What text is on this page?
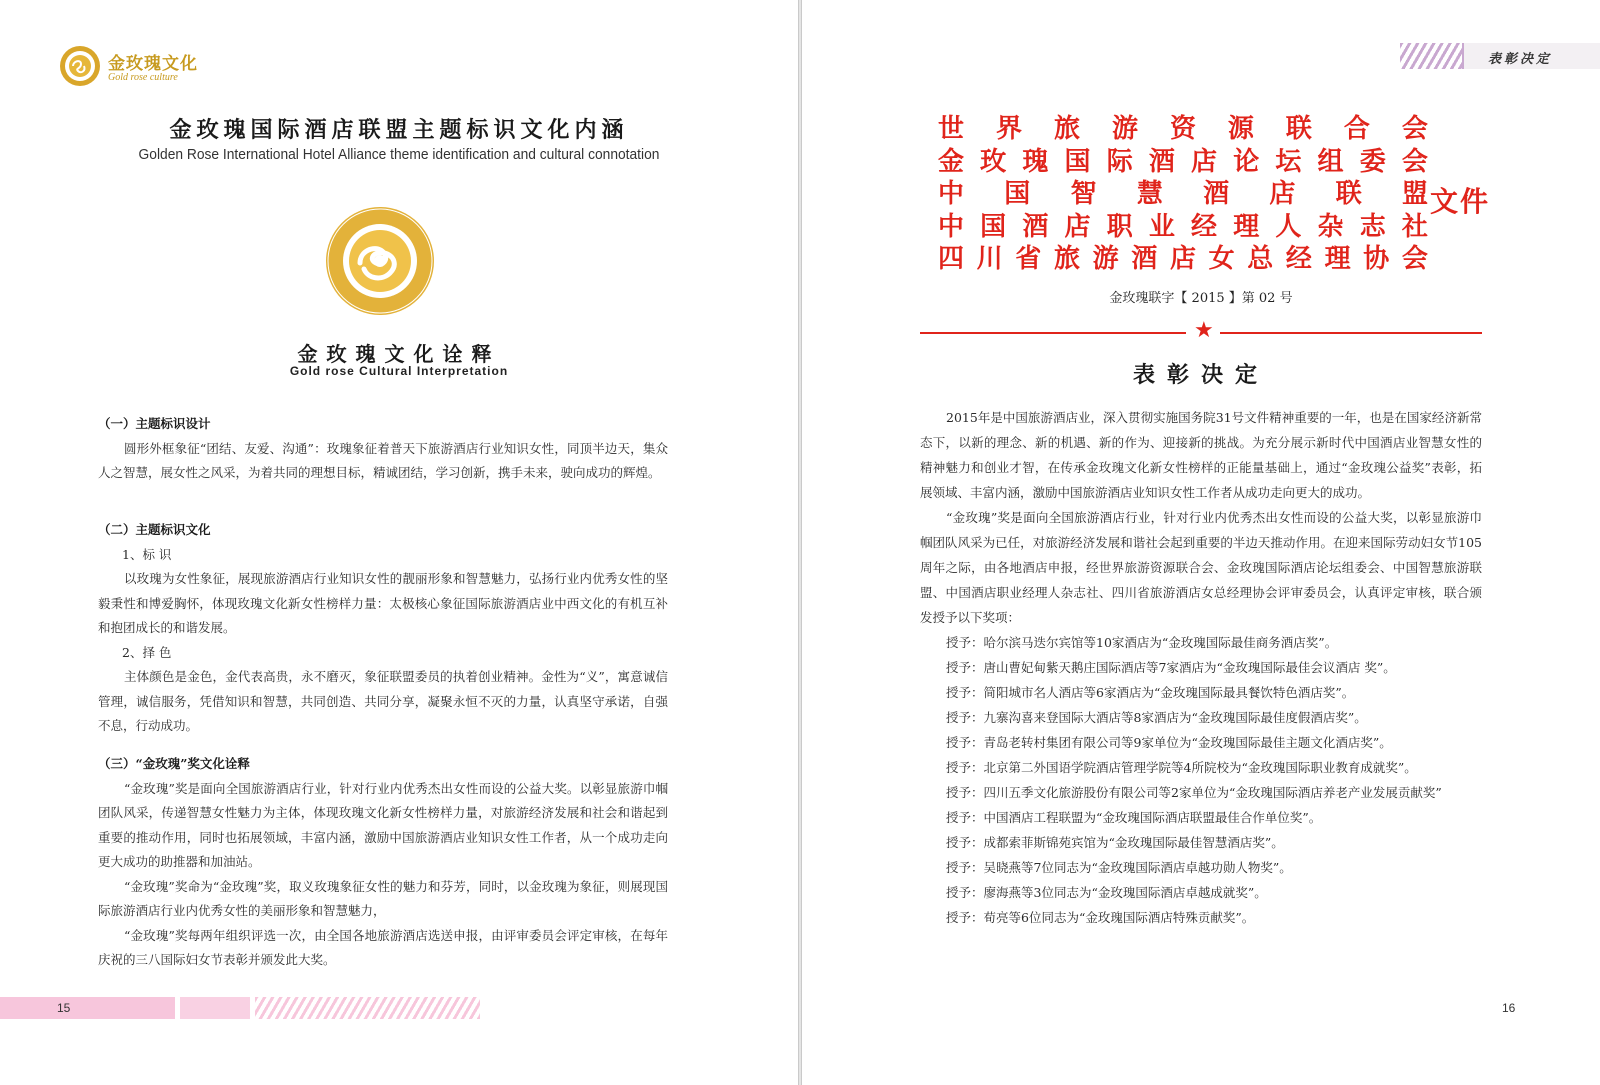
金玫瑰文化
Gold rose culture
金玫瑰国际酒店联盟主题标识文化内涵
Golden Rose International Hotel Alliance theme identification and cultural connotation
金玫瑰文化诠释
Gold rose Cultural Interpretation
（一）主题标识设计
圆形外框象征“团结、友爱、沟通”：玫瑰象征着普天下旅游酒店行业知识女性，同顶半边天，集众人之智慧，展女性之风采，为着共同的理想目标，精诚团结，学习创新，携手未来，驶向成功的辉煌。
（二）主题标识文化
1、标 识
以玫瑰为女性象征，展现旅游酒店行业知识女性的靓丽形象和智慧魅力，弘扬行业内优秀女性的坚毅秉性和博爱胸怀，体现玫瑰文化新女性榜样力量：太极核心象征国际旅游酒店业中西文化的有机互补和抱团成长的和谐发展。
2、择 色
主体颜色是金色，金代表高贵，永不磨灭，象征联盟委员的执着创业精神。金性为“义”，寓意诚信管理，诚信服务，凭借知识和智慧，共同创造、共同分享，凝聚永恒不灭的力量，认真坚守承诺，自强不息，行动成功。
（三）“金玫瑰”奖文化诠释
“金玫瑰”奖是面向全国旅游酒店行业，针对行业内优秀杰出女性而设的公益大奖。以彰显旅游巾帼团队风采，传递智慧女性魅力为主体，体现玫瑰文化新女性榜样力量，对旅游经济发展和社会和谐起到重要的推动作用，同时也拓展领域，丰富内涵，激励中国旅游酒店业知识女性工作者，从一个成功走向更大成功的助推器和加油站。
“金玫瑰”奖命为“金玫瑰”奖，取义玫瑰象征女性的魅力和芬芳，同时，以金玫瑰为象征，则展现国际旅游酒店行业内优秀女性的美丽形象和智慧魅力，
“金玫瑰”奖每两年组织评选一次，由全国各地旅游酒店选送申报，由评审委员会评定审核，在每年庆祝的三八国际妇女节表彰并颁发此大奖。
15
表彰决定
世 界 旅 游 资 源 联 合 会
金 玫 瑰 国 际 酒 店 论 坛 组 委 会
中 国 智 慧 酒 店 联 盟
中 国 酒 店 职 业 经 理 人 杂 志 社
四 川 省 旅 游 酒 店 女 总 经 理 协 会
文件
金玫瑰联字【 2015 】第 02 号
★
表彰决定
2015年是中国旅游酒店业，深入贯彻实施国务院31号文件精神重要的一年，也是在国家经济新常态下，以新的理念、新的机遇、新的作为、迎接新的挑战。为充分展示新时代中国酒店业智慧女性的精神魅力和创业才智，在传承金玫瑰文化新女性榜样的正能量基础上，通过“金玫瑰公益奖”表彰，拓展领域、丰富内涵，激励中国旅游酒店业知识女性工作者从成功走向更大的成功。
“金玫瑰”奖是面向全国旅游酒店行业，针对行业内优秀杰出女性而设的公益大奖，以彰显旅游巾帼团队风采为已任，对旅游经济发展和谐社会起到重要的半边天推动作用。在迎来国际劳动妇女节105周年之际，由各地酒店申报，经世界旅游资源联合会、金玫瑰国际酒店论坛组委会、中国智慧旅游联盟、中国酒店职业经理人杂志社、四川省旅游酒店女总经理协会评审委员会，认真评定审核，联合颁发授予以下奖项：
授予：哈尔滨马迭尔宾馆等10家酒店为“金玫瑰国际最佳商务酒店奖”。
授予：唐山曹妃甸紫天鹅庄国际酒店等7家酒店为“金玫瑰国际最佳会议酒店 奖”。
授予：简阳城市名人酒店等6家酒店为“金玫瑰国际最具餐饮特色酒店奖”。
授予：九寨沟喜来登国际大酒店等8家酒店为“金玫瑰国际最佳度假酒店奖”。
授予：青岛老转村集团有限公司等9家单位为“金玫瑰国际最佳主题文化酒店奖”。
授予：北京第二外国语学院酒店管理学院等4所院校为“金玫瑰国际职业教育成就奖”。
授予：四川五季文化旅游股份有限公司等2家单位为“金玫瑰国际酒店养老产业发展贡献奖”
授予：中国酒店工程联盟为“金玫瑰国际酒店联盟最佳合作单位奖”。
授予：成都索菲斯锦苑宾馆为“金玫瑰国际最佳智慧酒店奖”。
授予：吴晓燕等7位同志为“金玫瑰国际酒店卓越功勋人物奖”。
授予：廖海燕等3位同志为“金玫瑰国际酒店卓越成就奖”。
授予：荀亮等6位同志为“金玫瑰国际酒店特殊贡献奖”。
16
